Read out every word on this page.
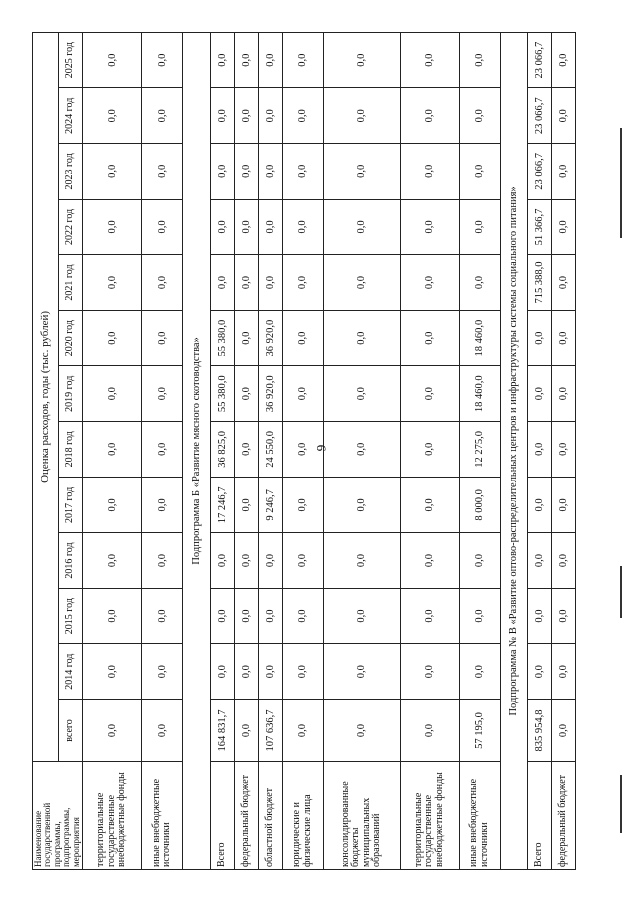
9
Наименование государственной программы, подпрограммы, мероприятия	Оценка расходов, годы (тыс. рублей)												
	всего	2014 год	2015 год	2016 год	2017 год	2018 год	2019 год	2020 год	2021 год	2022 год	2023 год	2024 год	2025 год
территориальные государственные внебюджетные фонды	0,0	0,0	0,0	0,0	0,0	0,0	0,0	0,0	0,0	0,0	0,0	0,0	0,0
иные внебюджетные источники	0,0	0,0	0,0	0,0	0,0	0,0	0,0	0,0	0,0	0,0	0,0	0,0	0,0
Подпрограмма Б «Развитие мясного скотоводства»													
Всего	164 831,7	0,0	0,0	0,0	17 246,7	36 825,0	55 380,0	55 380,0	0,0	0,0	0,0	0,0	0,0
федеральный бюджет	0,0	0,0	0,0	0,0	0,0	0,0	0,0	0,0	0,0	0,0	0,0	0,0	0,0
областной бюджет	107 636,7	0,0	0,0	0,0	9 246,7	24 550,0	36 920,0	36 920,0	0,0	0,0	0,0	0,0	0,0
юридические и физические лица	0,0	0,0	0,0	0,0	0,0	0,0	0,0	0,0	0,0	0,0	0,0	0,0	0,0
консолидированные бюджеты муниципальных образований	0,0	0,0	0,0	0,0	0,0	0,0	0,0	0,0	0,0	0,0	0,0	0,0	0,0
территориальные государственные внебюджетные фонды	0,0	0,0	0,0	0,0	0,0	0,0	0,0	0,0	0,0	0,0	0,0	0,0	0,0
иные внебюджетные источники	57 195,0	0,0	0,0	0,0	8 000,0	12 275,0	18 460,0	18 460,0	0,0	0,0	0,0	0,0	0,0
Подпрограмма № В «Развитие оптово-распределительных центров и инфраструктуры системы социального питания»													
Всего	835 954,8	0,0	0,0	0,0	0,0	0,0	0,0	0,0	715 388,0	51 366,7	23 066,7	23 066,7	23 066,7
федеральный бюджет	0,0	0,0	0,0	0,0	0,0	0,0	0,0	0,0	0,0	0,0	0,0	0,0	0,0
